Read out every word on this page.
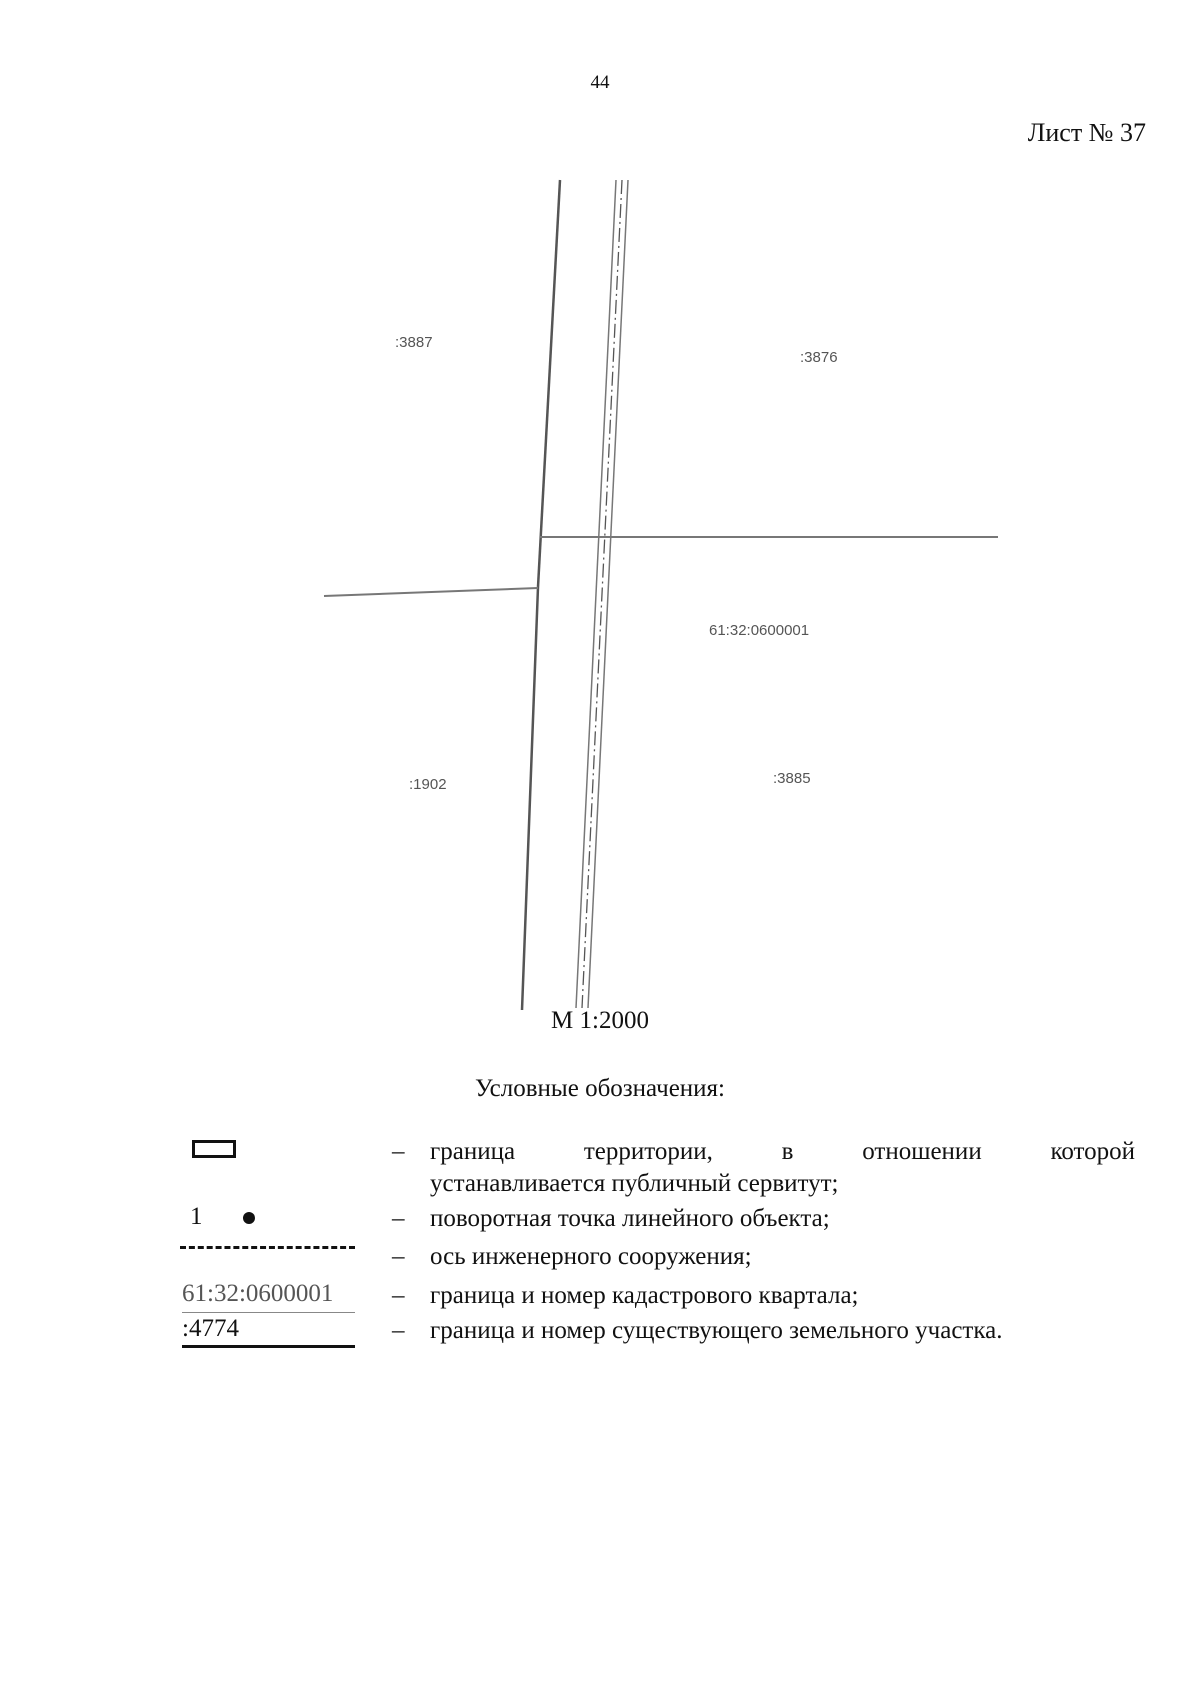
44
Лист № 37
:3887
:3876
61:32:0600001
:1902	:3885
М 1:2000
Условные обозначения:
1
61:32:0600001
:4774
– граница территории, в отношении которой
устанавливается публичный сервитут;
– поворотная точка линейного объекта;
– ось инженерного сооружения;
– граница и номер кадастрового квартала;
– граница и номер существующего земельного участка.
